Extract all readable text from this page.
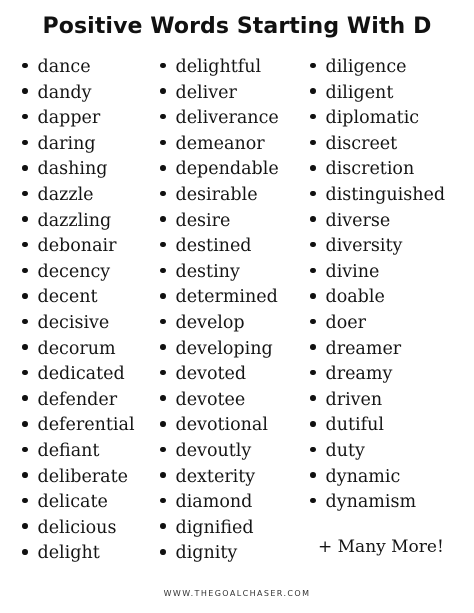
Positive Words Starting With D
dance
dandy
dapper
daring
dashing
dazzle
dazzling
debonair
decency
decent
decisive
decorum
dedicated
defender
deferential
defiant
deliberate
delicate
delicious
delight
delightful
deliver
deliverance
demeanor
dependable
desirable
desire
destined
destiny
determined
develop
developing
devoted
devotee
devotional
devoutly
dexterity
diamond
dignified
dignity
diligence
diligent
diplomatic
discreet
discretion
distinguished
diverse
diversity
divine
doable
doer
dreamer
dreamy
driven
dutiful
duty
dynamic
dynamism
+ Many More!
WWW.THEGOALCHASER.COM
